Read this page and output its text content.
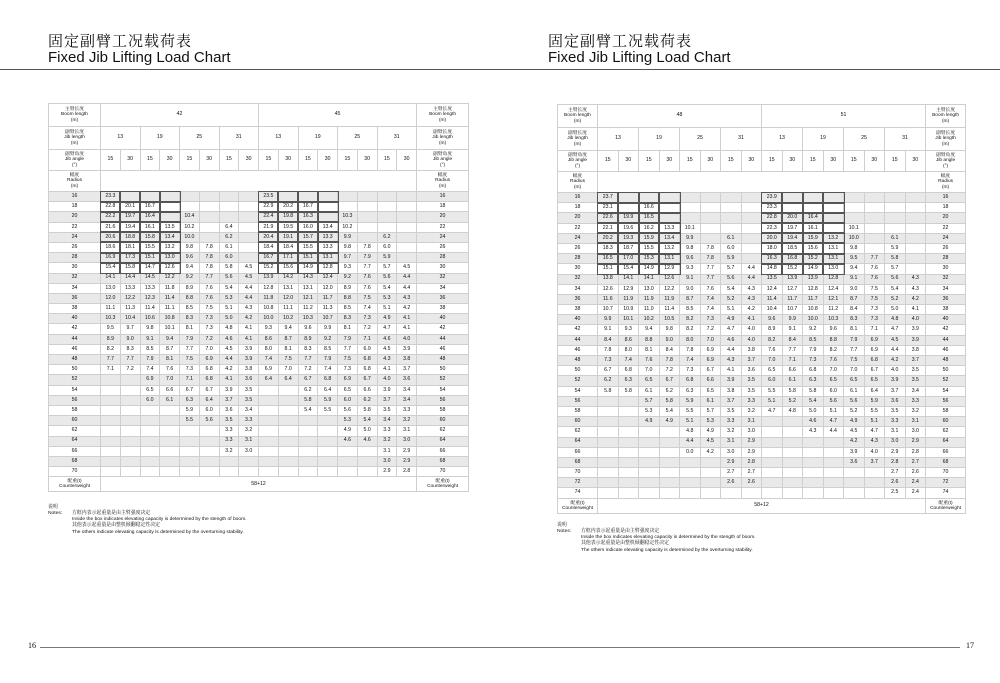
固定副臂工况载荷表
Fixed Jib Lifting Load Chart
主臂长度
Boom length
(m)	42								45								主臂长度
Boom length
(m)
副臂长度
Jib length
(m)	13		19		25		31		13		19		25		31		副臂长度
Jib length
(m)
副臂角度
Jib angle
(°)	15	30	15	30	15	30	15	30	15	30	15	30	15	30	15	30	副臂角度
Jib angle
(°)
幅度
Radius
(m)																	幅度
Radius
(m)
16	23.3								23.5								16
18	22.8	20.1	16.7						22.9	20.2	16.7						18
20	22.2	19.7	16.4		10.4				22.4	19.8	16.3		10.3				20
22	21.6	19.4	16.1	13.5	10.2		6.4		21.9	19.5	16.0	13.4	10.2				22
24	20.6	18.8	15.8	13.4	10.0		6.2		20.4	19.1	15.7	13.3	9.9		6.2		24
26	18.6	18.1	15.5	13.2	9.8	7.8	6.1		18.4	18.4	15.5	13.3	9.8	7.8	6.0		26
28	16.9	17.3	15.1	13.0	9.6	7.8	6.0		16.7	17.1	15.1	13.1	9.7	7.9	5.9		28
30	15.4	15.8	14.7	12.6	9.4	7.8	5.8	4.5	15.2	15.6	14.9	12.8	9.3	7.7	5.7	4.5	30
32	14.1	14.4	14.5	12.2	9.2	7.7	5.6	4.5	13.9	14.2	14.3	12.4	9.2	7.6	5.6	4.4	32
34	13.0	13.3	13.3	11.8	8.9	7.6	5.4	4.4	12.8	13.1	13.1	12.0	8.9	7.6	5.4	4.4	34
36	12.0	12.2	12.3	11.4	8.8	7.6	5.3	4.4	11.8	12.0	12.1	11.7	8.8	7.5	5.3	4.3	36
38	11.1	11.3	11.4	11.1	8.5	7.5	5.1	4.3	10.8	11.1	11.2	11.3	8.5	7.4	5.1	4.2	38
40	10.3	10.4	10.6	10.8	8.3	7.3	5.0	4.2	10.0	10.2	10.3	10.7	8.3	7.3	4.9	4.1	40
42	9.5	9.7	9.8	10.1	8.1	7.3	4.8	4.1	9.3	9.4	9.6	9.9	8.1	7.2	4.7	4.1	42
44	8.9	9.0	9.1	9.4	7.9	7.2	4.6	4.1	8.6	8.7	8.9	9.2	7.9	7.1	4.6	4.0	44
46	8.2	8.3	8.5	8.7	7.7	7.0	4.5	3.9	8.0	8.1	8.3	8.5	7.7	6.9	4.5	3.9	46
48	7.7	7.7	7.9	8.1	7.5	6.9	4.4	3.9	7.4	7.5	7.7	7.9	7.5	6.8	4.3	3.8	48
50	7.1	7.2	7.4	7.6	7.3	6.8	4.2	3.8	6.9	7.0	7.2	7.4	7.3	6.8	4.1	3.7	50
52			6.9	7.0	7.1	6.8	4.1	3.6	6.4	6.4	6.7	6.8	6.9	6.7	4.0	3.6	52
54			6.5	6.6	6.7	6.7	3.9	3.5			6.2	6.4	6.5	6.6	3.9	3.4	54
56			6.0	6.1	6.3	6.4	3.7	3.5			5.8	5.9	6.0	6.2	3.7	3.4	56
58					5.9	6.0	3.6	3.4			5.4	5.5	5.6	5.8	3.5	3.3	58
60					5.5	5.6	3.5	3.3					5.3	5.4	3.4	3.2	60
62							3.3	3.2					4.9	5.0	3.3	3.1	62
64							3.3	3.1					4.6	4.6	3.2	3.0	64
66							3.2	3.0							3.1	2.9	66
68															3.0	2.9	68
70															2.9	2.8	70
配重(t)
Counterweight	58+12																配重(t)
Counterweight
说明 Notes: 方框内表示起重量是由主臂强度决定
Inside the box indicates elevating capacity is determined by the stength of boom.
其他表示起重量是由整机倾翻稳定性决定
The others indicate elevating capacity is determined by the overturning stability.
16
固定副臂工况载荷表
Fixed Jib Lifting Load Chart
主臂长度
Boom length
(m)	48								51								主臂长度
Boom length
(m)
副臂长度
Jib length
(m)	13		19		25		31		13		19		25		31		副臂长度
Jib length
(m)
副臂角度
Jib angle
(°)	15	30	15	30	15	30	15	30	15	30	15	30	15	30	15	30	副臂角度
Jib angle
(°)
幅度
Radius
(m)																	幅度
Radius
(m)
16	23.7								23.9								16
18	23.1		16.6						23.3								18
20	22.6	19.9	16.5						22.8	20.0	16.4						20
22	22.1	19.6	16.2	13.3	10.1				22.3	19.7	16.1		10.1				22
24	20.2	19.3	15.9	13.4	9.9		6.1		20.0	19.4	15.9	13.2	10.0		6.1		24
26	18.3	18.7	15.5	13.2	9.8	7.8	6.0		18.0	18.5	15.6	13.1	9.8		5.9		26
28	16.5	17.0	15.3	13.1	9.6	7.8	5.9		16.3	16.8	15.2	13.1	9.5	7.7	5.8		28
30	15.1	15.4	14.9	12.9	9.3	7.7	5.7	4.4	14.8	15.2	14.9	13.0	9.4	7.6	5.7		30
32	13.8	14.1	14.1	12.6	9.1	7.7	5.6	4.4	13.5	13.9	13.9	12.8	9.1	7.6	5.6	4.3	32
34	12.6	12.9	13.0	12.2	9.0	7.6	5.4	4.3	12.4	12.7	12.8	12.4	9.0	7.5	5.4	4.3	34
36	11.6	11.9	11.9	11.9	8.7	7.4	5.2	4.3	11.4	11.7	11.7	12.1	8.7	7.5	5.2	4.2	36
38	10.7	10.9	11.0	11.4	8.5	7.4	5.1	4.2	10.4	10.7	10.8	11.2	8.4	7.3	5.0	4.1	38
40	9.9	10.1	10.2	10.5	8.2	7.3	4.9	4.1	9.6	9.9	10.0	10.3	8.3	7.3	4.8	4.0	40
42	9.1	9.3	9.4	9.8	8.2	7.2	4.7	4.0	8.9	9.1	9.2	9.6	8.1	7.1	4.7	3.9	42
44	8.4	8.6	8.8	9.0	8.0	7.0	4.6	4.0	8.2	8.4	8.5	8.8	7.9	6.9	4.5	3.9	44
46	7.8	8.0	8.1	8.4	7.8	6.9	4.4	3.8	7.6	7.7	7.9	8.2	7.7	6.9	4.4	3.8	46
48	7.3	7.4	7.6	7.8	7.4	6.9	4.3	3.7	7.0	7.1	7.3	7.6	7.5	6.8	4.2	3.7	48
50	6.7	6.8	7.0	7.2	7.3	6.7	4.1	3.6	6.5	6.6	6.8	7.0	7.0	6.7	4.0	3.5	50
52	6.2	6.3	6.5	6.7	6.8	6.6	3.9	3.5	6.0	6.1	6.3	6.5	6.5	6.5	3.9	3.5	52
54	5.8	5.8	6.1	6.2	6.3	6.5	3.8	3.5	5.5	5.8	5.8	6.0	6.1	6.4	3.7	3.4	54
56			5.7	5.8	5.9	6.1	3.7	3.3	5.1	5.2	5.4	5.6	5.6	5.9	3.6	3.3	56
58			5.3	5.4	5.5	5.7	3.5	3.2	4.7	4.8	5.0	5.1	5.2	5.5	3.5	3.2	58
60			4.9	4.9	5.1	5.3	3.3	3.1			4.6	4.7	4.9	5.1	3.3	3.1	60
62					4.8	4.9	3.2	3.0			4.3	4.4	4.5	4.7	3.1	3.0	62
64					4.4	4.5	3.1	2.9					4.2	4.3	3.0	2.9	64
66					0.0	4.2	3.0	2.9					3.9	4.0	2.9	2.8	66
68							2.9	2.8					3.6	3.7	2.8	2.7	68
70							2.7	2.7							2.7	2.6	70
72							2.6	2.6							2.6	2.4	72
74															2.5	2.4	74
配重(t)
Counterweight	58+12																配重(t)
Counterweight
说明 Notes: 方框内表示起重量是由主臂强度决定
Inside the box indicates elevating capacity is determined by the stength of boom.
其他表示起重量是由整机倾翻稳定性决定
The others indicate elevating capacity is determined by the overturning stability.
17
